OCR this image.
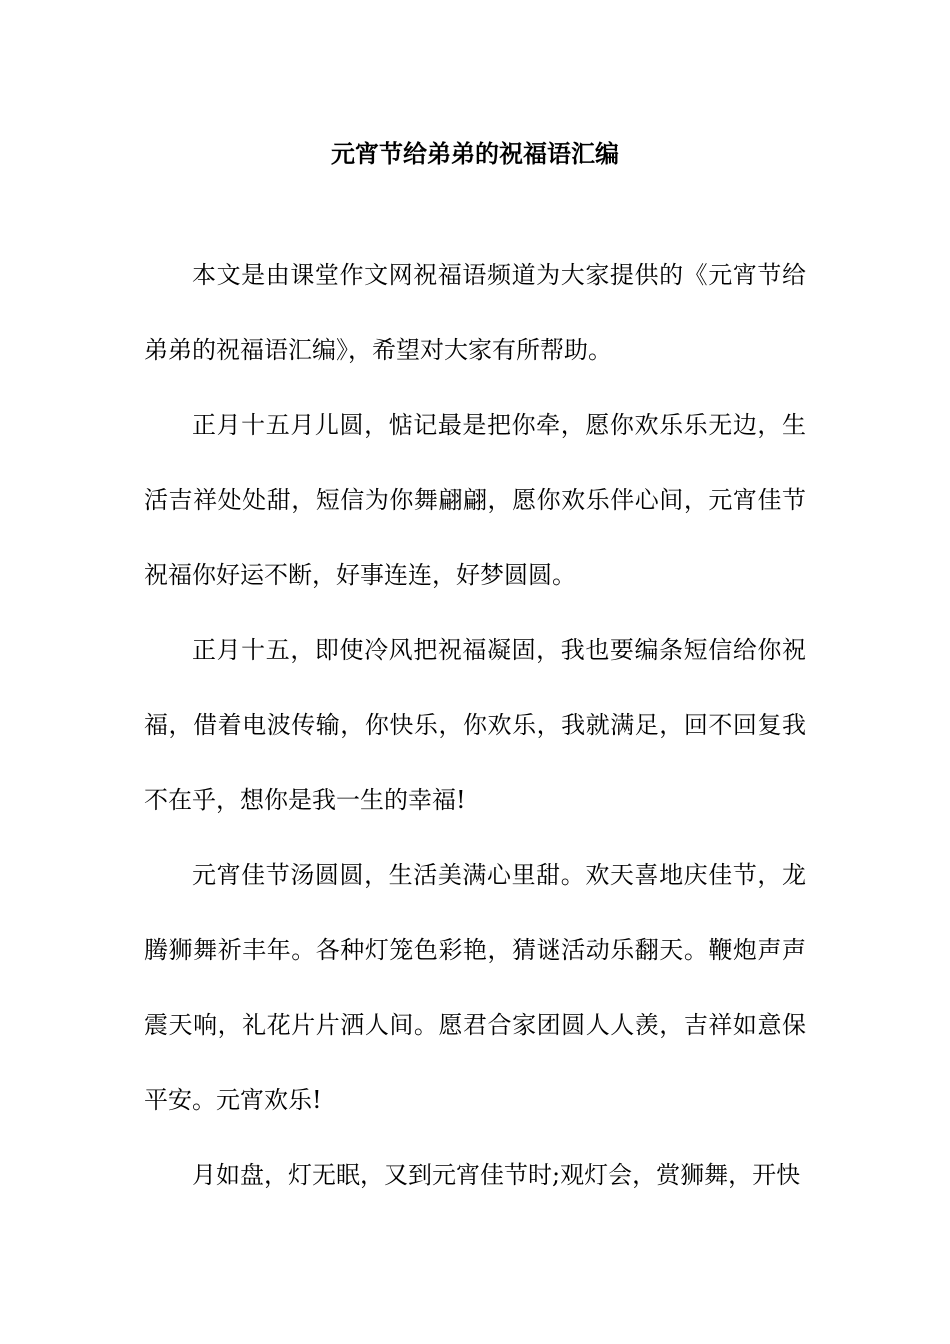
元宵节给弟弟的祝福语汇编

本文是由课堂作文网祝福语频道为大家提供的《元宵节给弟弟的祝福语汇编》，希望对大家有所帮助。

正月十五月儿圆，惦记最是把你牵，愿你欢乐乐无边，生活吉祥处处甜，短信为你舞翩翩，愿你欢乐伴心间，元宵佳节祝福你好运不断，好事连连，好梦圆圆。

正月十五，即使冷风把祝福凝固，我也要编条短信给你祝福，借着电波传输，你快乐，你欢乐，我就满足，回不回复我不在乎，想你是我一生的幸福!

元宵佳节汤圆圆，生活美满心里甜。欢天喜地庆佳节，龙腾狮舞祈丰年。各种灯笼色彩艳，猜谜活动乐翻天。鞭炮声声震天响，礼花片片洒人间。愿君合家团圆人人羡，吉祥如意保平安。元宵欢乐!

月如盘，灯无眠，又到元宵佳节时;观灯会，赏狮舞，开快
